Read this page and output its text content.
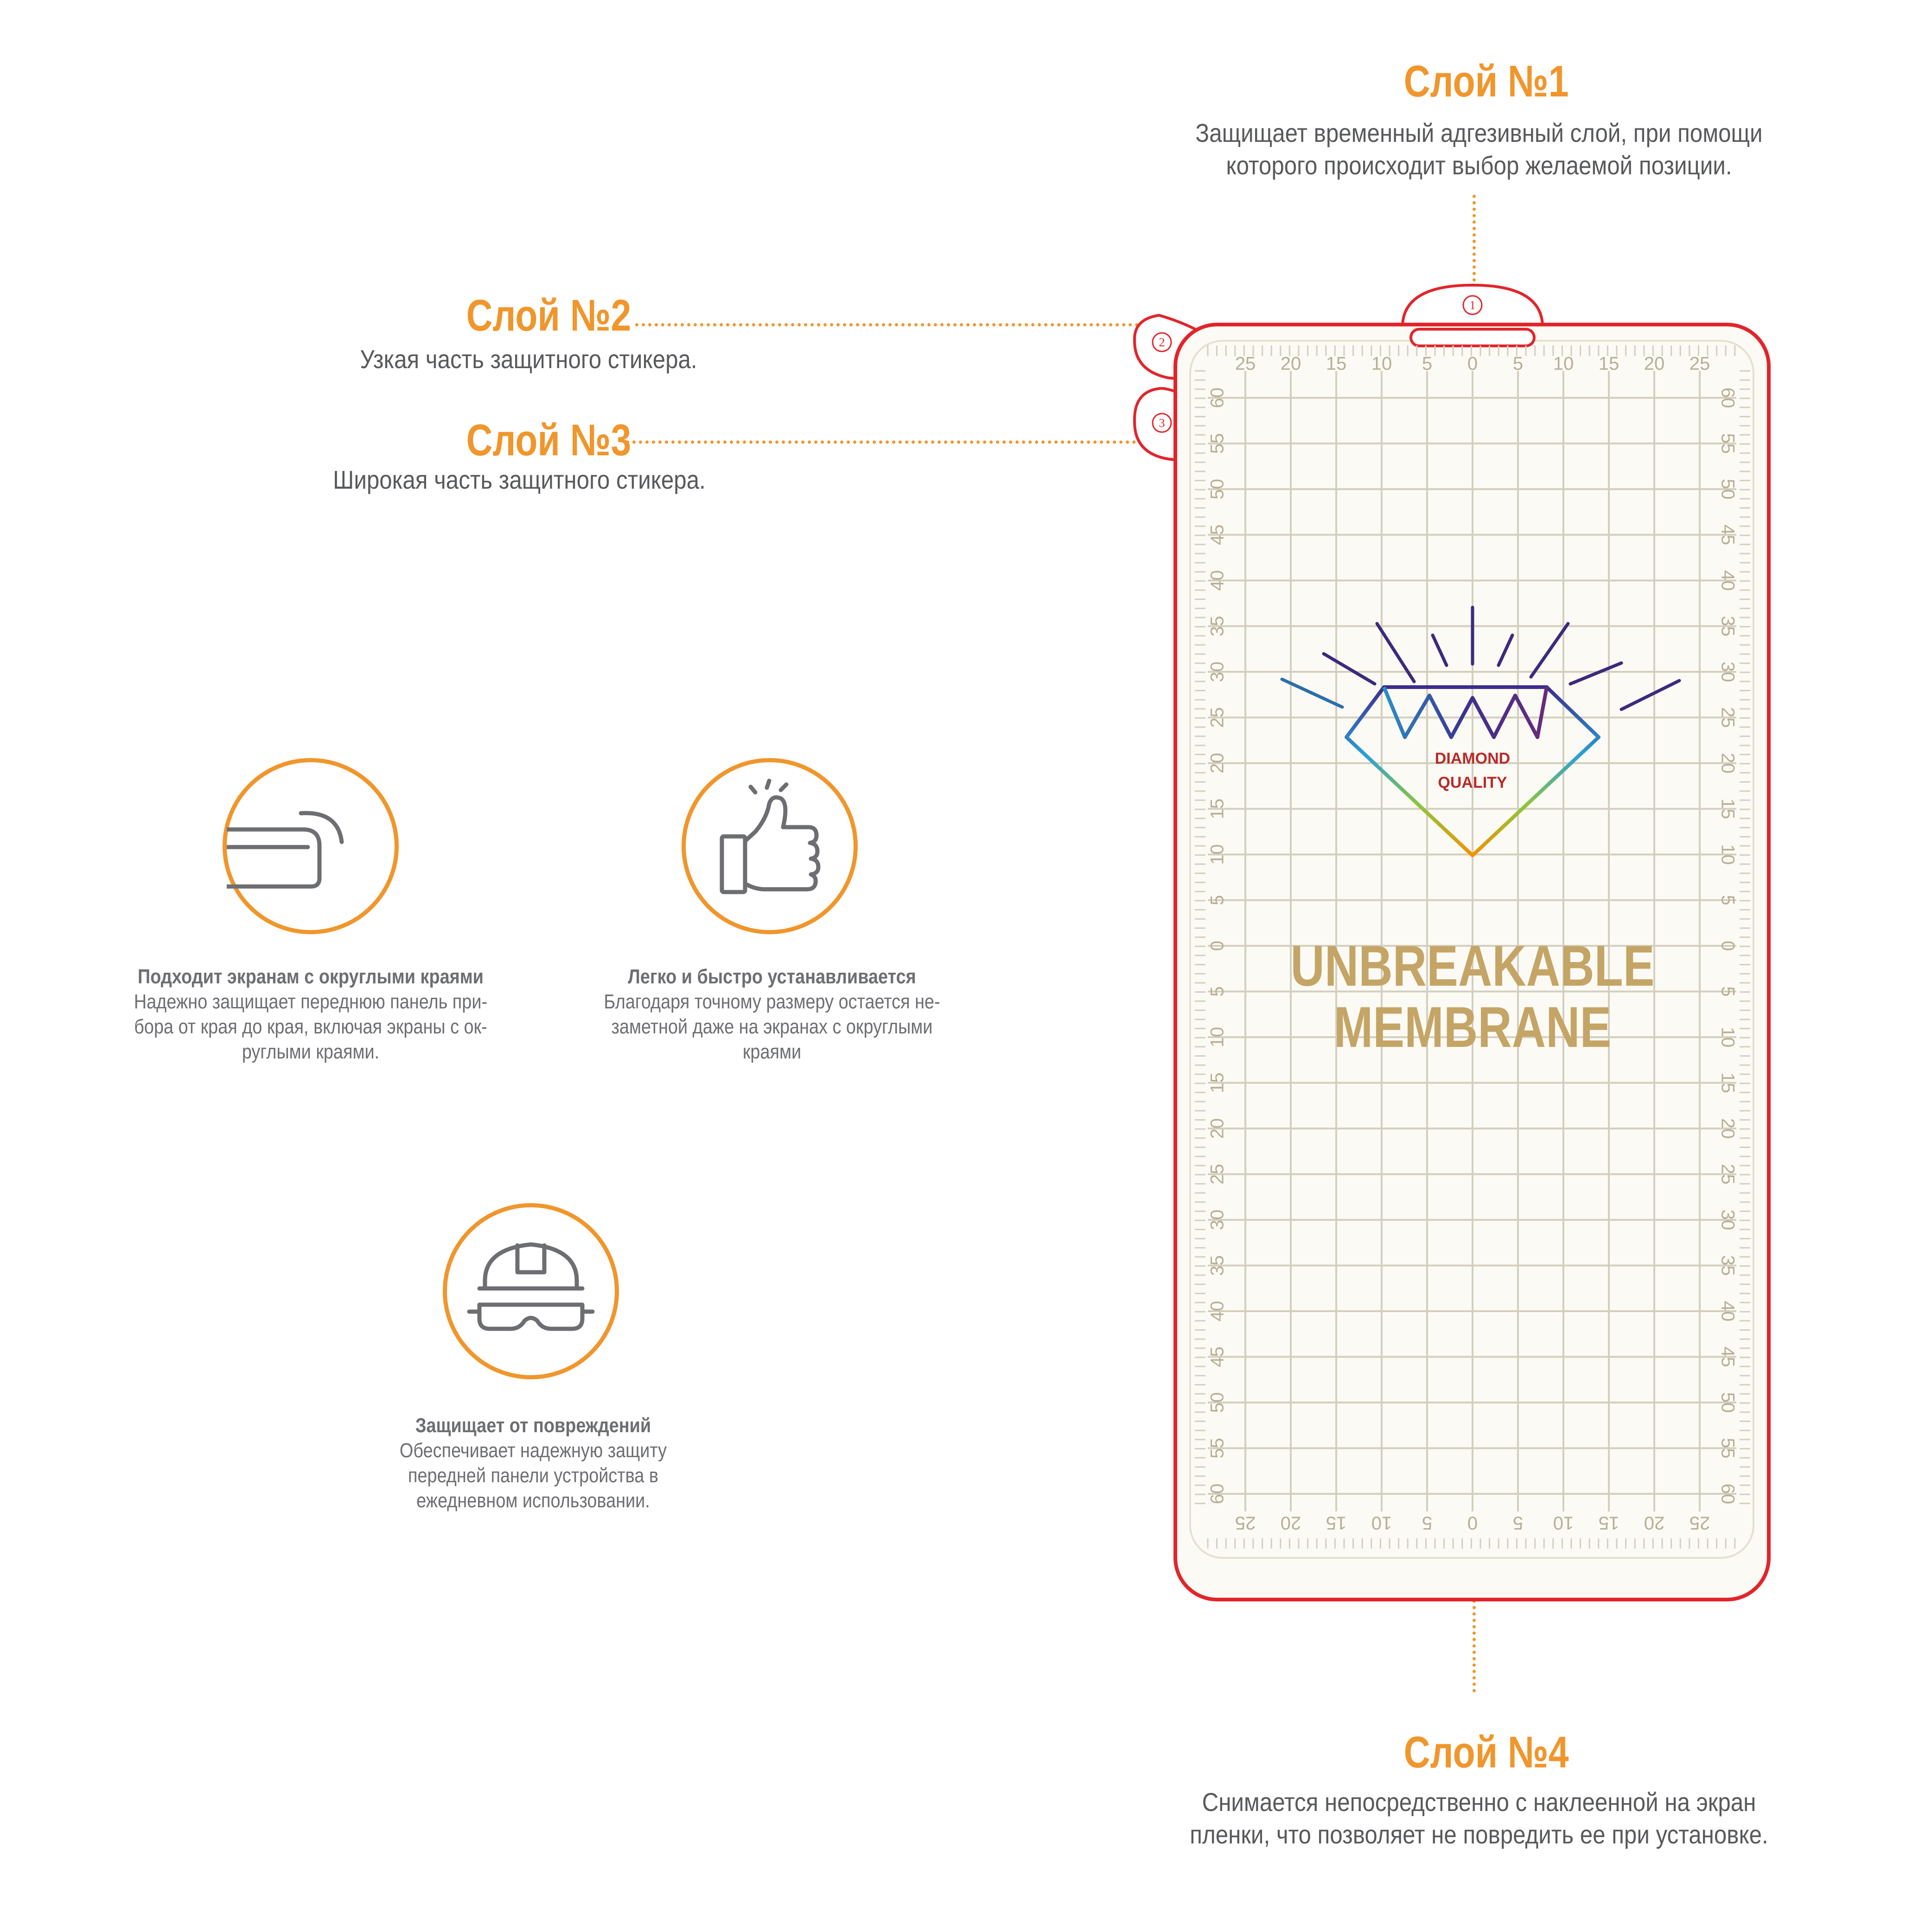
Слой №1
Защищает временный адгезивный слой, при помощи
которого происходит выбор желаемой позиции.
Слой №2
Узкая часть защитного стикера.
Слой №3
Широкая часть защитного стикера.
Слой №4
Снимается непосредственно с наклеенной на экран
пленки, что позволяет не повредить ее при установке.
1
2
3
25
25
20
20
15
15
10
10
5
5
0
0
5
5
10
10
15
15
20
20
25
25
60	60
55	55
50	50
45	45
40	40
35	35
30	30
25	25
20	20
15	15
10	10
5	5
0	0
5	5
10	10
15	15
20	20
25	25
30	30
35	35
40	40
45	45
50	50
55	55
60	60
DIAMOND
QUALITY
UNBREAKABLE
MEMBRANE
Подходит экранам с округлыми краями
Надежно защищает переднюю панель при-
бора от края до края, включая экраны с ок-
руглыми краями.
Легко и быстро устанавливается
Благодаря точному размеру остается не-
заметной даже на экранах с округлыми
краями
Защищает от повреждений
Обеспечивает надежную защиту
передней панели устройства в
ежедневном использовании.
